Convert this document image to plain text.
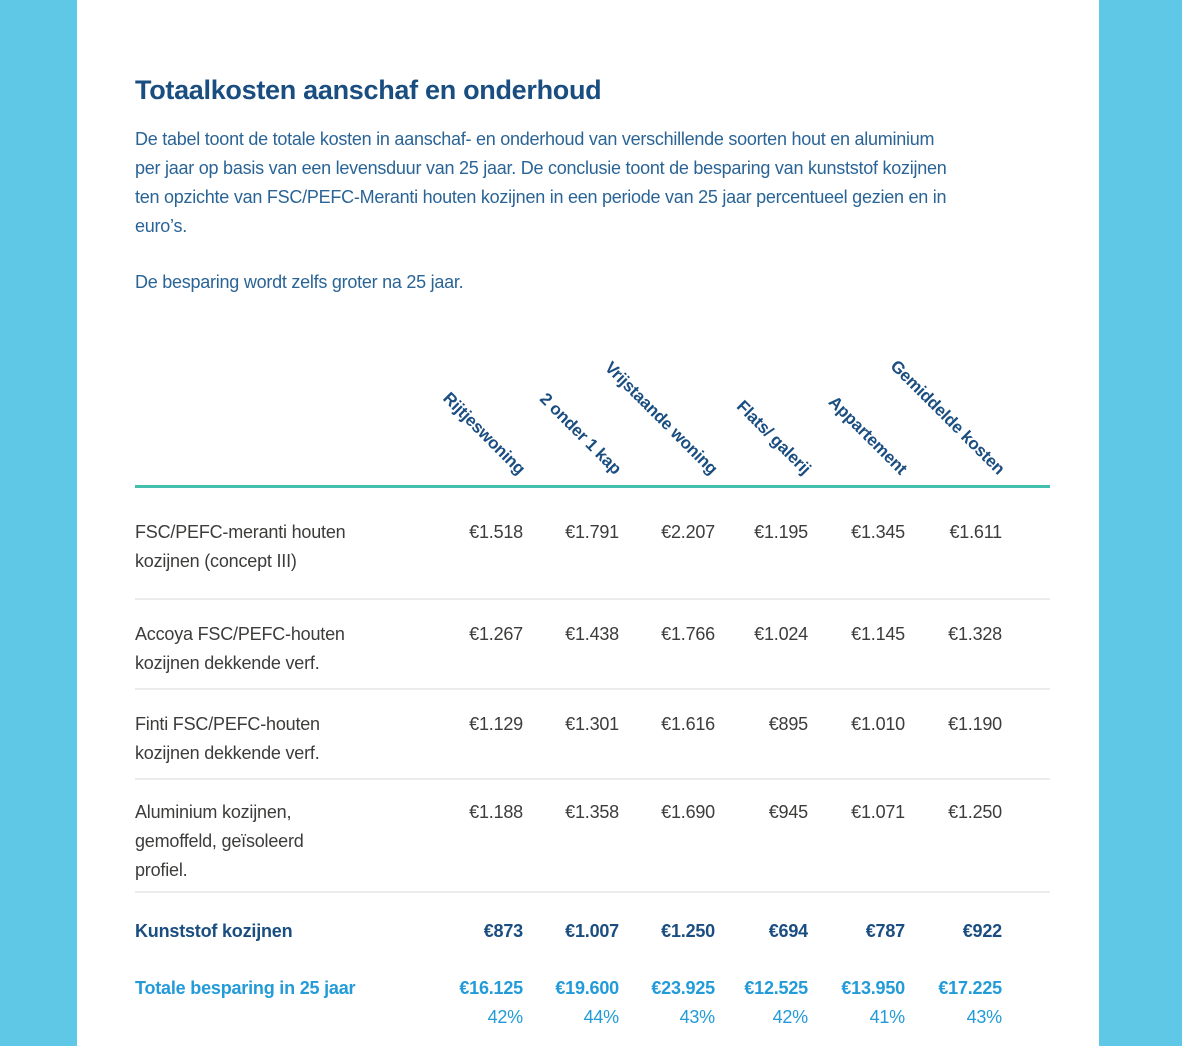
Totaalkosten aanschaf en onderhoud
De tabel toont de totale kosten in aanschaf- en onderhoud van verschillende soorten hout en aluminium
per jaar op basis van een levensduur van 25 jaar. De conclusie toont de besparing van kunststof kozijnen
ten opzichte van FSC/PEFC-Meranti houten kozijnen in een periode van 25 jaar percentueel gezien en in
euro’s.

De besparing wordt zelfs groter na 25 jaar.

Rijtjeswoning 2 onder 1 kap
Vrijstaande woning Flats/ galerij Appartement
Gemiddelde kosten
FSC/PEFC-meranti houten
kozijnen (concept III)
€1.518	€1.791	€2.207	€1.195	€1.345	€1.611
Accoya FSC/PEFC-houten
kozijnen dekkende verf.
€1.267	€1.438	€1.766	€1.024	€1.145	€1.328
Finti FSC/PEFC-houten
kozijnen dekkende verf.
€1.129	€1.301	€1.616	€895	€1.010	€1.190
Aluminium kozijnen,
gemoffeld, geïsoleerd
profiel.
€1.188	€1.358	€1.690	€945	€1.071	€1.250
Kunststof kozijnen	€873	€1.007	€1.250	€694	€787	€922
Totale besparing in 25 jaar	€16.125	€19.600	€23.925	€12.525	€13.950	€17.225
42%	44%	43%	42%	41%	43%
